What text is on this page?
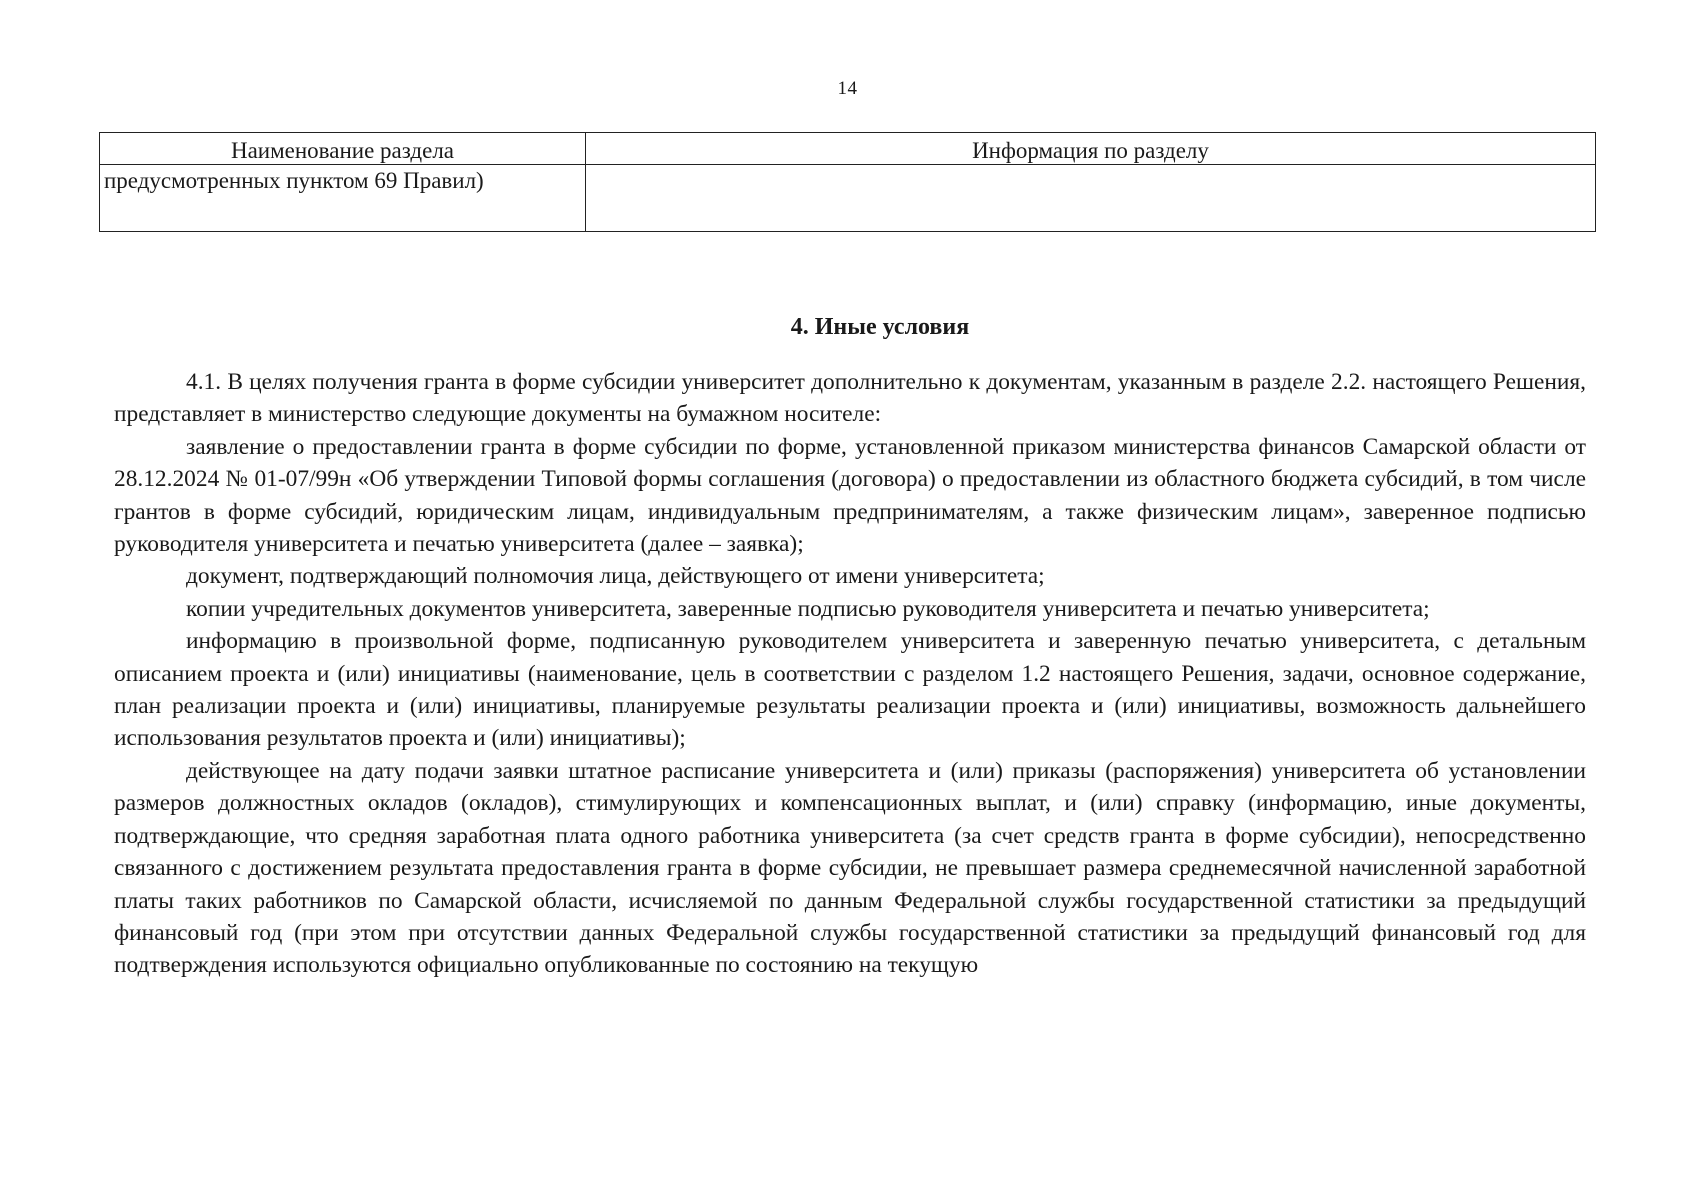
14
Наименование раздела	Информация по разделу

предусмотренных пунктом 69 Правил)	

4. Иные условия

4.1. В целях получения гранта в форме субсидии университет дополнительно к документам, указанным в разделе 2.2. настоящего Решения, представляет в министерство следующие документы на бумажном носителе:

заявление о предоставлении гранта в форме субсидии по форме, установленной приказом министерства финансов Самарской области от 28.12.2024 № 01-07/99н «Об утверждении Типовой формы соглашения (договора) о предоставлении из областного бюджета субсидий, в том числе грантов в форме субсидий, юридическим лицам, индивидуальным предпринимателям, а также физическим лицам», заверенное подписью руководителя университета и печатью университета (далее – заявка);

документ, подтверждающий полномочия лица, действующего от имени университета;

копии учредительных документов университета, заверенные подписью руководителя университета и печатью университета;

информацию в произвольной форме, подписанную руководителем университета и заверенную печатью университета, с детальным описанием проекта и (или) инициативы (наименование, цель в соответствии с разделом 1.2 настоящего Решения, задачи, основное содержание, план реализации проекта и (или) инициативы, планируемые результаты реализации проекта и (или) инициативы, возможность дальнейшего использования результатов проекта и (или) инициативы);

действующее на дату подачи заявки штатное расписание университета и (или) приказы (распоряжения) университета об установлении размеров должностных окладов (окладов), стимулирующих и компенсационных выплат, и (или) справку (информацию, иные документы, подтверждающие, что средняя заработная плата одного работника университета (за счет средств гранта в форме субсидии), непосредственно связанного с достижением результата предоставления гранта в форме субсидии, не превышает размера среднемесячной начисленной заработной платы таких работников по Самарской области, исчисляемой по данным Федеральной службы государственной статистики за предыдущий финансовый год (при этом при отсутствии данных Федеральной службы государственной статистики за предыдущий финансовый год для подтверждения используются официально опубликованные по состоянию на текущую
